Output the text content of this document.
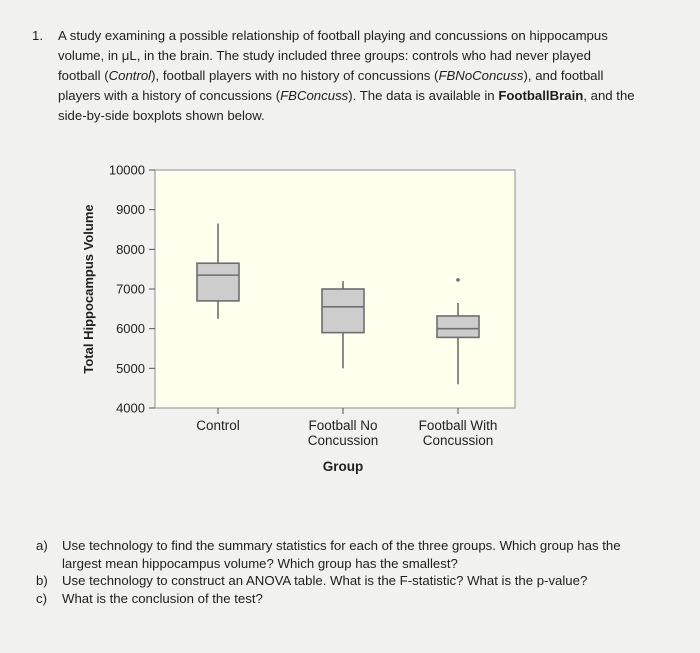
1. A study examining a possible relationship of football playing and concussions on hippocampus
volume, in μL, in the brain. The study included three groups: controls who had never played
football (Control), football players with no history of concussions (FBNoConcuss), and football
players with a history of concussions (FBConcuss). The data is available in FootballBrain, and the
side-by-side boxplots shown below.
10000
9000
8000
7000
6000
5000
4000
Total Hippocampus Volume
Control	Football No
Concussion
Football With
Concussion
Group
a) Use technology to find the summary statistics for each of the three groups. Which group has the
largest mean hippocampus volume? Which group has the smallest?
b) Use technology to construct an ANOVA table. What is the F-statistic? What is the p-value?
c) What is the conclusion of the test?
